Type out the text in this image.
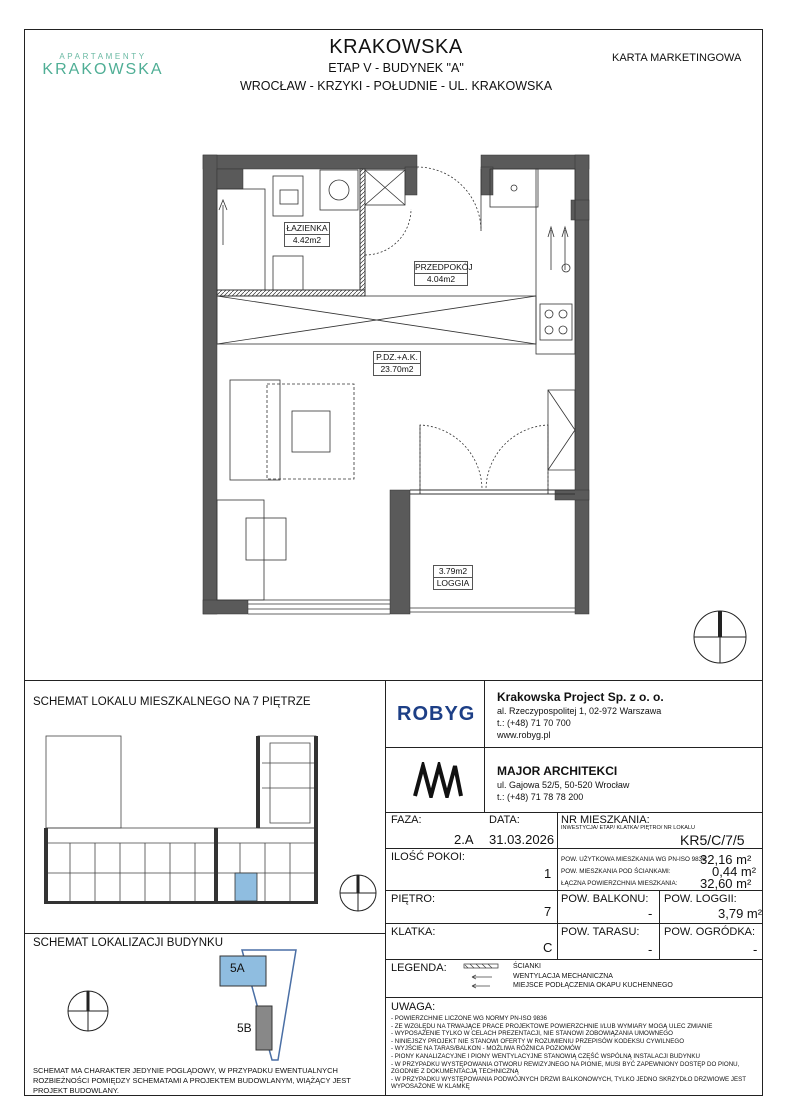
APARTAMENTY
KRAKOWSKA
KRAKOWSKA
ETAP V - BUDYNEK "A"
WROCŁAW - KRZYKI - POŁUDNIE - UL. KRAKOWSKA
KARTA MARKETINGOWA
ŁAZIENKA
4.42m2
PRZEDPOKÓJ
4.04m2
P.DZ.+A.K.
23.70m2
3.79m2
LOGGIA
SCHEMAT LOKALU MIESZKALNEGO NA 7 PIĘTRZE
SCHEMAT LOKALIZACJI BUDYNKU
5A
5B
SCHEMAT MA CHARAKTER JEDYNIE POGLĄDOWY, W PRZYPADKU EWENTUALNYCH ROZBIEŻNOŚCI POMIĘDZY SCHEMATAMI A PROJEKTEM BUDOWLANYM, WIĄŻĄCY JEST PROJEKT BUDOWLANY.
ROBYG
Krakowska Project Sp. z o. o.
al. Rzeczypospolitej 1, 02-972 Warszawa
t.: (+48) 71 70 700
www.robyg.pl
MAJOR ARCHITEKCI
ul. Gajowa 52/5, 50-520 Wrocław
t.: (+48) 71 78 78 200
FAZA:
2.A
DATA:
31.03.2026
NR MIESZKANIA:
INWESTYCJA/ ETAP/ KLATKA/ PIĘTRO/ NR LOKALU
KR5/C/7/5
ILOŚĆ POKOI:
1
POW. UŻYTKOWA MIESZKANIA WG PN-ISO 9836:
32,16 m²
POW. MIESZKANIA POD ŚCIANKAMI:	0,44 m²
ŁĄCZNA POWIERZCHNIA MIESZKANIA: 32,60 m²
PIĘTRO:
7
POW. BALKONU:
-
POW. LOGGII:
3,79 m²
KLATKA:
C
POW. TARASU:
-
POW. OGRÓDKA:
-
LEGENDA:	ŚCIANKI
WENTYLACJA MECHANICZNA
MIEJSCE PODŁĄCZENIA OKAPU KUCHENNEGO
UWAGA:
- POWIERZCHNIE LICZONE WG NORMY PN-ISO 9836
- ZE WZGLĘDU NA TRWAJĄCE PRACE PROJEKTOWE POWIERZCHNIE I/LUB WYMIARY MOGĄ ULEC ZMIANIE
- WYPOSAŻENIE TYLKO W CELACH PREZENTACJI, NIE STANOWI ZOBOWIĄZANIA UMOWNEGO
- NINIEJSZY PROJEKT NIE STANOWI OFERTY W ROZUMIENIU PRZEPISÓW KODEKSU CYWILNEGO
- WYJŚCIE NA TARAS/BALKON - MOŻLIWA RÓŻNICA POZIOMÓW
- PIONY KANALIZACYJNE I PIONY WENTYLACYJNE STANOWIĄ CZĘŚĆ WSPÓLNĄ INSTALACJI BUDYNKU
- W PRZYPADKU WYSTĘPOWANIA OTWORU REWIZYJNEGO NA PIONIE, MUSI BYĆ ZAPEWNIONY DOSTĘP DO PIONU, ZGODNIE Z DOKUMENTACJĄ TECHNICZNĄ
- W PRZYPADKU WYSTĘPOWANIA PODWÓJNYCH DRZWI BALKONOWYCH, TYLKO JEDNO SKRZYDŁO DRZWIOWE JEST WYPOSAŻONE W KLAMKĘ
